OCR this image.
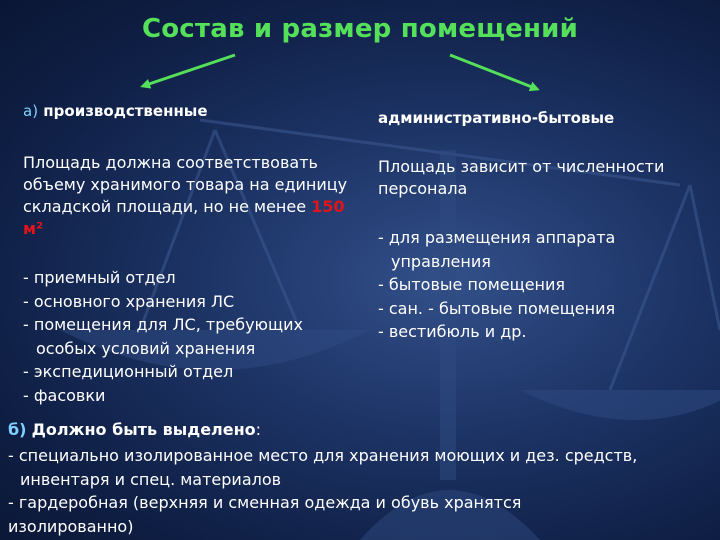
Состав и размер помещений
а) производственные	административно-бытовые
Площадь должна соответствовать объему хранимого товара на единицу складской площади, но не менее 150 м²
Площадь зависит от численности персонала
- приемный отдел
- основного хранения ЛС
- помещения для ЛС, требующих особых условий хранения
- экспедиционный отдел
- фасовки
- для размещения аппарата управления
- бытовые помещения
- сан. - бытовые помещения
- вестибюль и др.
б) Должно быть выделено:
- специально изолированное место для хранения моющих и дез. средств,
инвентаря и спец. материалов
- гардеробная (верхняя и сменная одежда и обувь хранятся
изолированно)
